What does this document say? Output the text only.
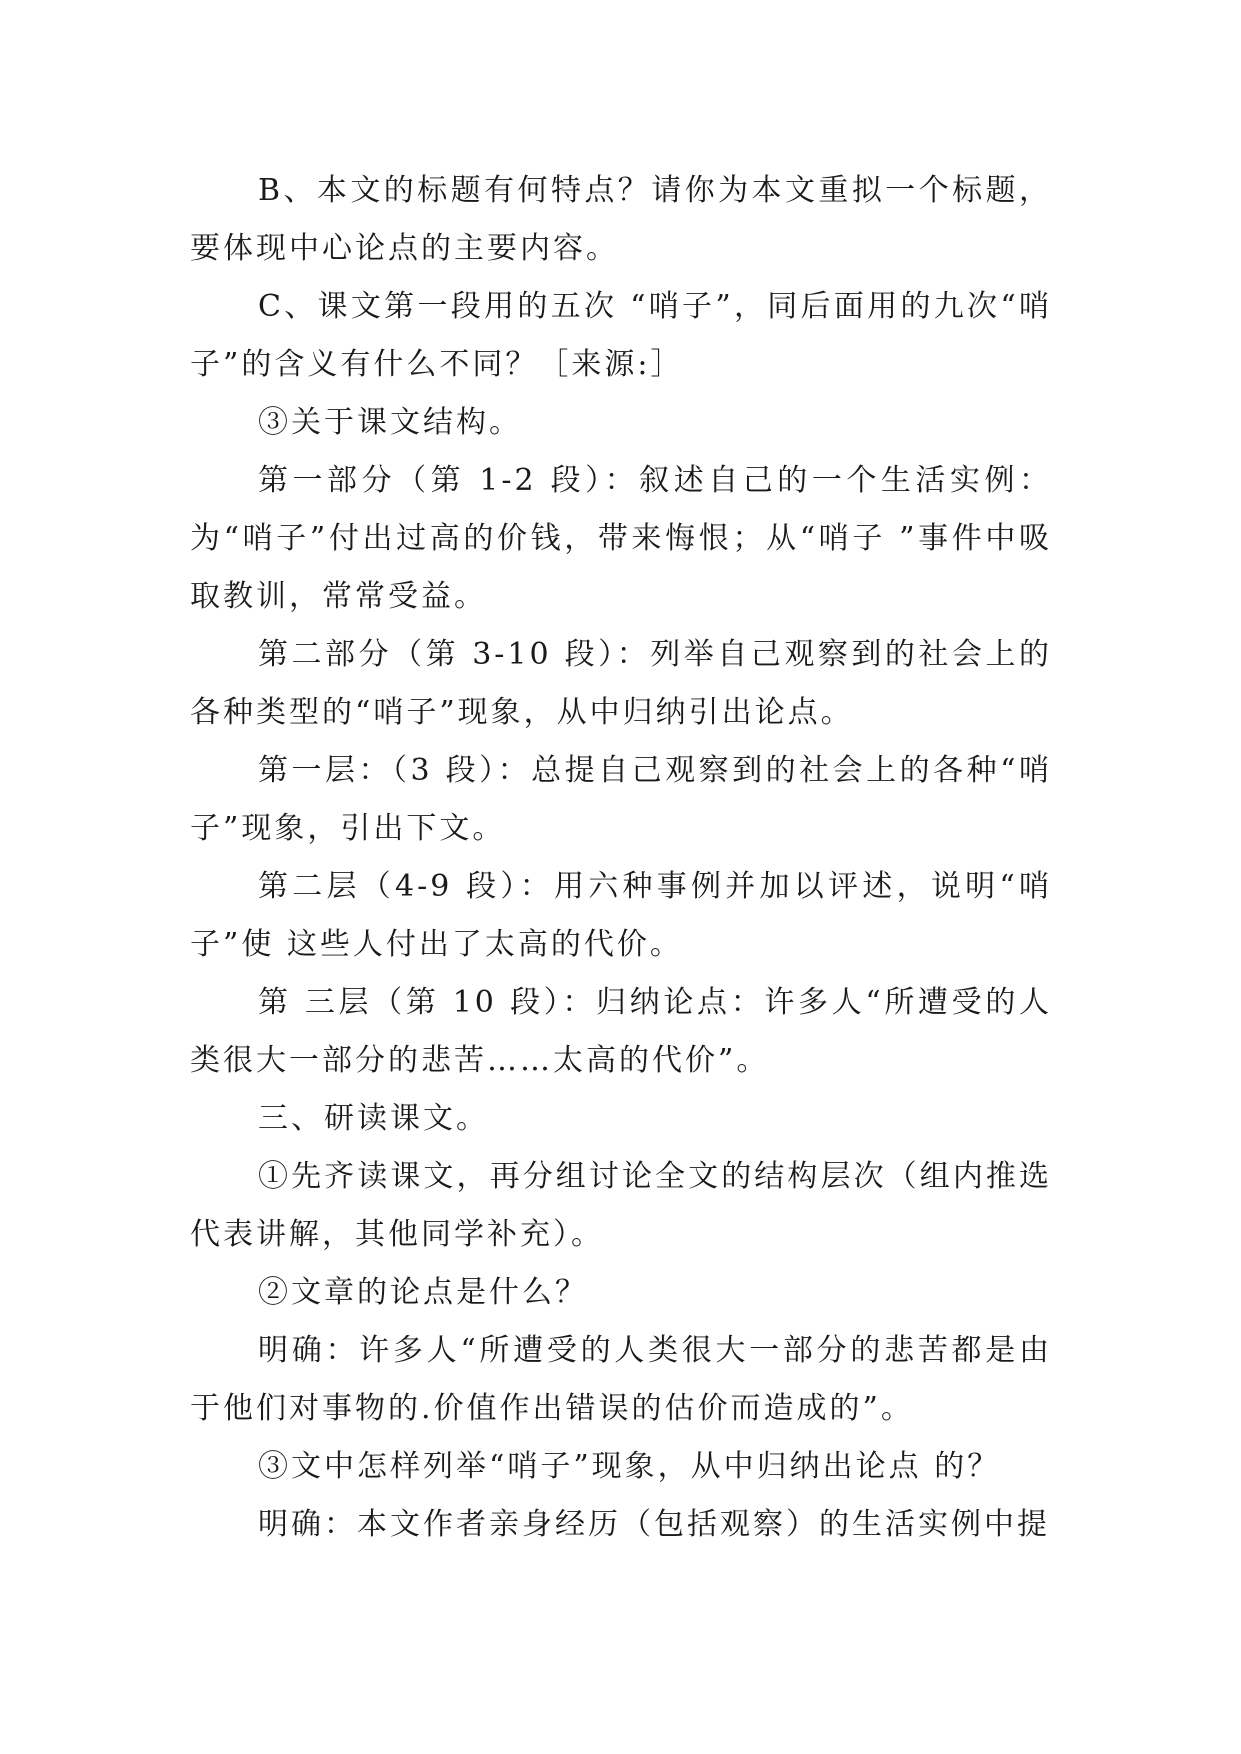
B、本文的标题有何特点？请你为本文重拟一个标题，要体现中心论点的主要内容。

C、课文第一段用的五次 “哨子”，同后面用的九次“哨子”的含义有什么不同？［来源:］

③关于课文结构。

第一部分（第 1-2 段）：叙述自己的一个生活实例：为“哨子”付出过高的价钱，带来悔恨；从“哨子 ”事件中吸取教训，常常受益。

第二部分（第 3-10 段）：列举自己观察到的社会上的各种类型的“哨子”现象，从中归纳引出论点。

第一层：（3 段）：总提自己观察到的社会上的各种“哨子”现象，引出下文。

第二层（4-9 段）：用六种事例并加以评述，说明“哨子”使 这些人付出了太高的代价。

第 三层（第 10 段）：归纳论点：许多人“所遭受的人类很大一部分的悲苦……太高的代价”。

三、研读课文。

①先齐读课文，再分组讨论全文的结构层次（组内推选代表讲解，其他同学补充）。

②文章的论点是什么？

明确：许多人“所遭受的人类很大一部分的悲苦都是由于他们对事物的.价值作出错误的估价而造成的”。

③文中怎样列举“哨子”现象，从中归纳出论点 的？

明确：本文作者亲身经历（包括观察）的生活实例中提
